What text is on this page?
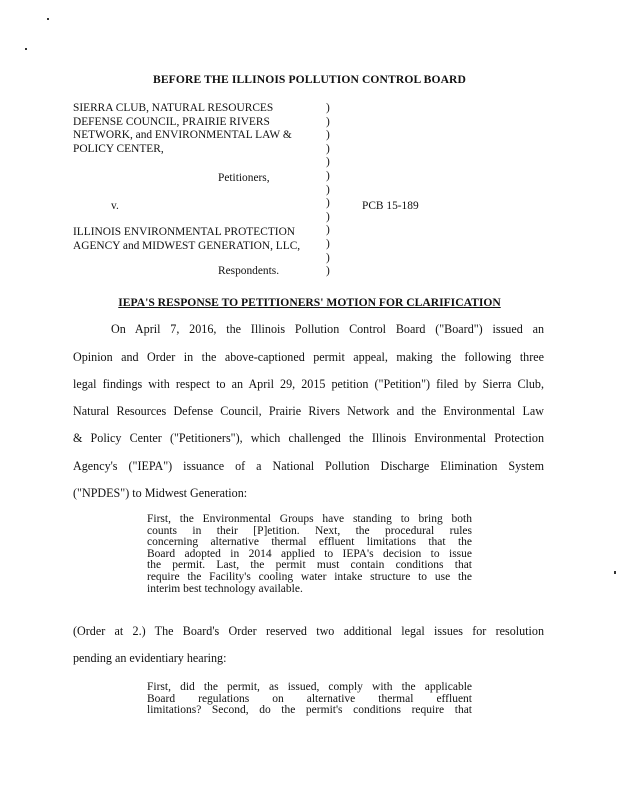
BEFORE THE ILLINOIS POLLUTION CONTROL BOARD
SIERRA CLUB, NATURAL RESOURCES
DEFENSE COUNCIL, PRAIRIE RIVERS
NETWORK, and ENVIRONMENTAL LAW &
POLICY CENTER,
Petitioners,
v.	PCB 15-189
ILLINOIS ENVIRONMENTAL PROTECTION
AGENCY and MIDWEST GENERATION, LLC,
Respondents.
)
)
)
)
)
)
)
)
)
)
)
)
)
IEPA'S RESPONSE TO PETITIONERS' MOTION FOR CLARIFICATION
On April 7, 2016, the Illinois Pollution Control Board ("Board") issued an
Opinion and Order in the above-captioned permit appeal, making the following three
legal findings with respect to an April 29, 2015 petition ("Petition") filed by Sierra Club,
Natural Resources Defense Council, Prairie Rivers Network and the Environmental Law
& Policy Center ("Petitioners"), which challenged the Illinois Environmental Protection
Agency's ("IEPA") issuance of a National Pollution Discharge Elimination System
("NPDES") to Midwest Generation:
First, the Environmental Groups have standing to bring both
counts in their [P]etition. Next, the procedural rules
concerning alternative thermal effluent limitations that the
Board adopted in 2014 applied to IEPA's decision to issue
the permit. Last, the permit must contain conditions that
require the Facility's cooling water intake structure to use the
interim best technology available.
(Order at 2.) The Board's Order reserved two additional legal issues for resolution
pending an evidentiary hearing:
First, did the permit, as issued, comply with the applicable
Board regulations on alternative thermal effluent
limitations? Second, do the permit's conditions require that
